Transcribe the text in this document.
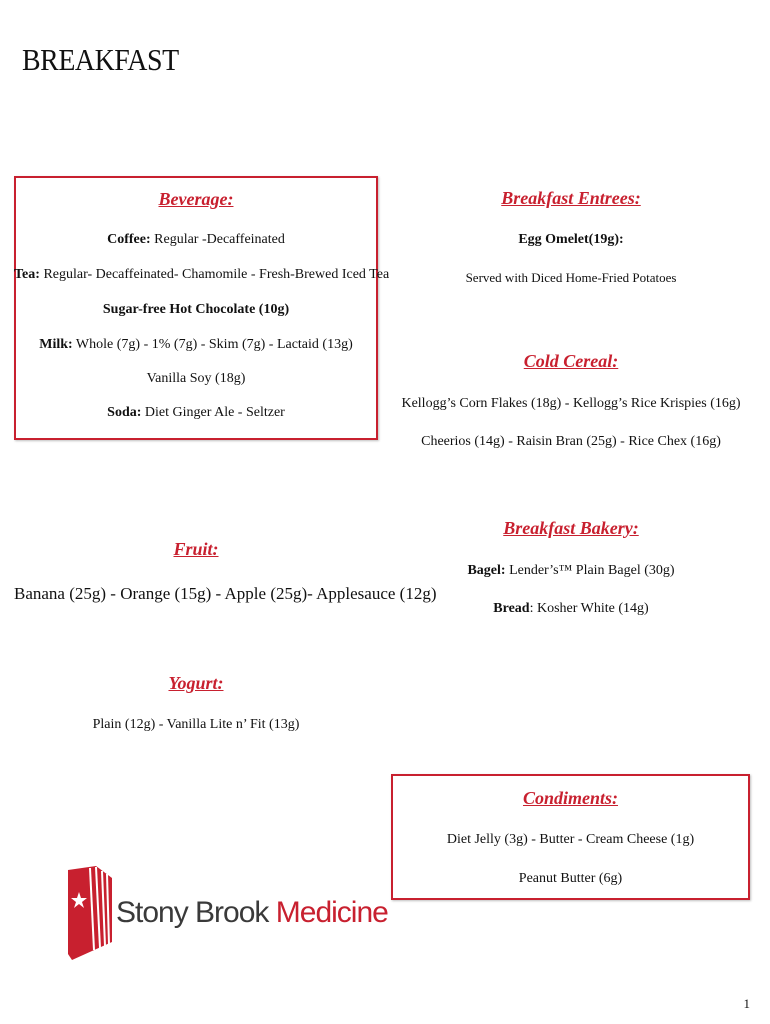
BREAKFAST
Beverage:
Coffee: Regular -Decaffeinated
Tea: Regular- Decaffeinated- Chamomile - Fresh-Brewed Iced Tea
Sugar-free Hot Chocolate (10g)
Milk: Whole (7g) - 1% (7g) - Skim (7g) - Lactaid (13g)
Vanilla Soy (18g)
Soda: Diet Ginger Ale - Seltzer
Breakfast Entrees:
Egg Omelet(19g):
Served with Diced Home-Fried Potatoes
Cold Cereal:
Kellogg’s Corn Flakes (18g) - Kellogg’s Rice Krispies (16g)
Cheerios (14g) - Raisin Bran (25g) - Rice Chex (16g)
Fruit:
Banana (25g) - Orange (15g) - Apple (25g)- Applesauce (12g)
Breakfast Bakery:
Bagel: Lender’s™ Plain Bagel (30g)
Bread: Kosher White (14g)
Yogurt:
Plain (12g) - Vanilla Lite n’ Fit (13g)
Condiments:
Diet Jelly (3g) - Butter - Cream Cheese (1g)
Peanut Butter (6g)
Stony Brook Medicine
1
